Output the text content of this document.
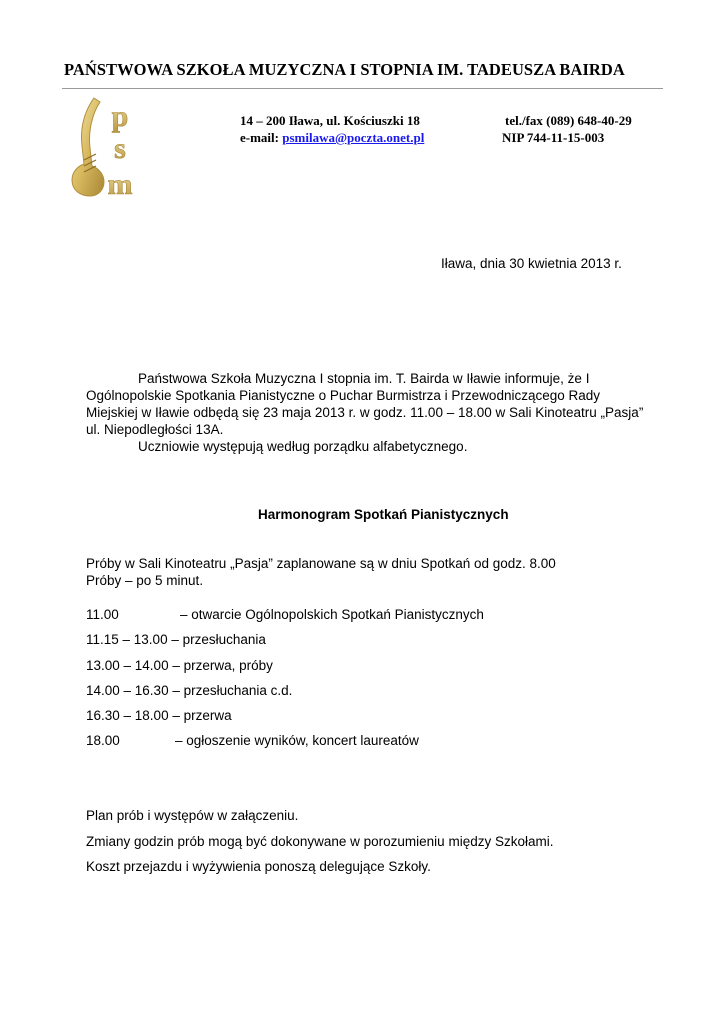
PAŃSTWOWA SZKOŁA MUZYCZNA I STOPNIA IM. TADEUSZA BAIRDA
p
s
m
14 – 200 Iława, ul. Kościuszki 18	tel./fax (089) 648-40-29
e-mail: psmilawa@poczta.onet.pl	NIP 744-11-15-003
Iława, dnia 30 kwietnia 2013 r.

Państwowa Szkoła Muzyczna I stopnia im. T. Bairda w Iławie informuje, że I Ogólnopolskie Spotkania Pianistyczne o Puchar Burmistrza i Przewodniczącego Rady Miejskiej w Iławie odbędą się 23 maja 2013 r. w godz. 11.00 – 18.00 w Sali Kinoteatru „Pasja” ul. Niepodległości 13A.

Uczniowie występują według porządku alfabetycznego.

Harmonogram Spotkań Pianistycznych
Próby w Sali Kinoteatru „Pasja” zaplanowane są w dniu Spotkań od godz. 8.00
Próby – po 5 minut.
11.00	– otwarcie Ogólnopolskich Spotkań Pianistycznych
11.15 – 13.00 – przesłuchania
13.00 – 14.00 – przerwa, próby
14.00 – 16.30 – przesłuchania c.d.
16.30 – 18.00 – przerwa
18.00	– ogłoszenie wyników, koncert laureatów
Plan prób i występów w załączeniu.
Zmiany godzin prób mogą być dokonywane w porozumieniu między Szkołami.
Koszt przejazdu i wyżywienia ponoszą delegujące Szkoły.
